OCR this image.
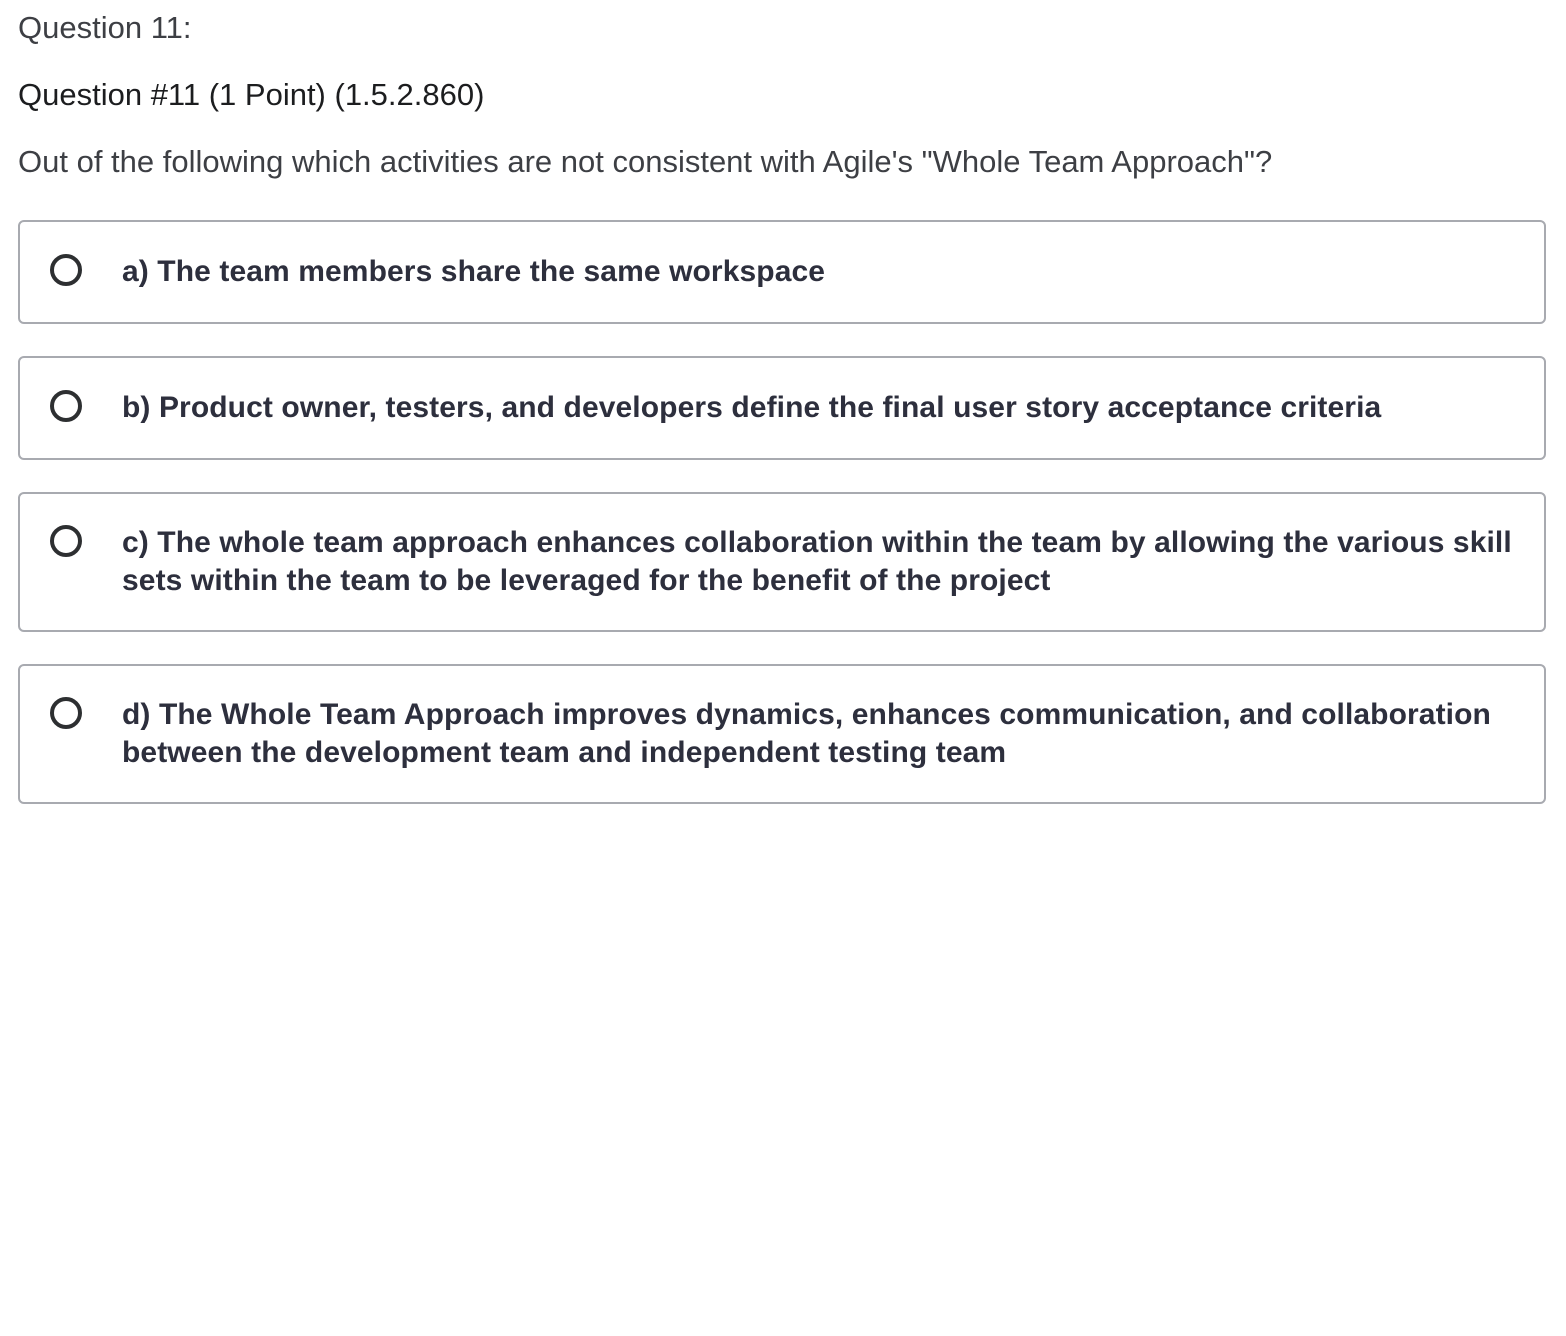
Question 11:

Question #11 (1 Point) (1.5.2.860)

Out of the following which activities are not consistent with Agile's "Whole Team Approach"?

a) The team members share the same workspace
b) Product owner, testers, and developers define the final user story acceptance criteria
c) The whole team approach enhances collaboration within the team by allowing the various skill sets within the team to be leveraged for the benefit of the project
d) The Whole Team Approach improves dynamics, enhances communication, and collaboration between the development team and independent testing team
